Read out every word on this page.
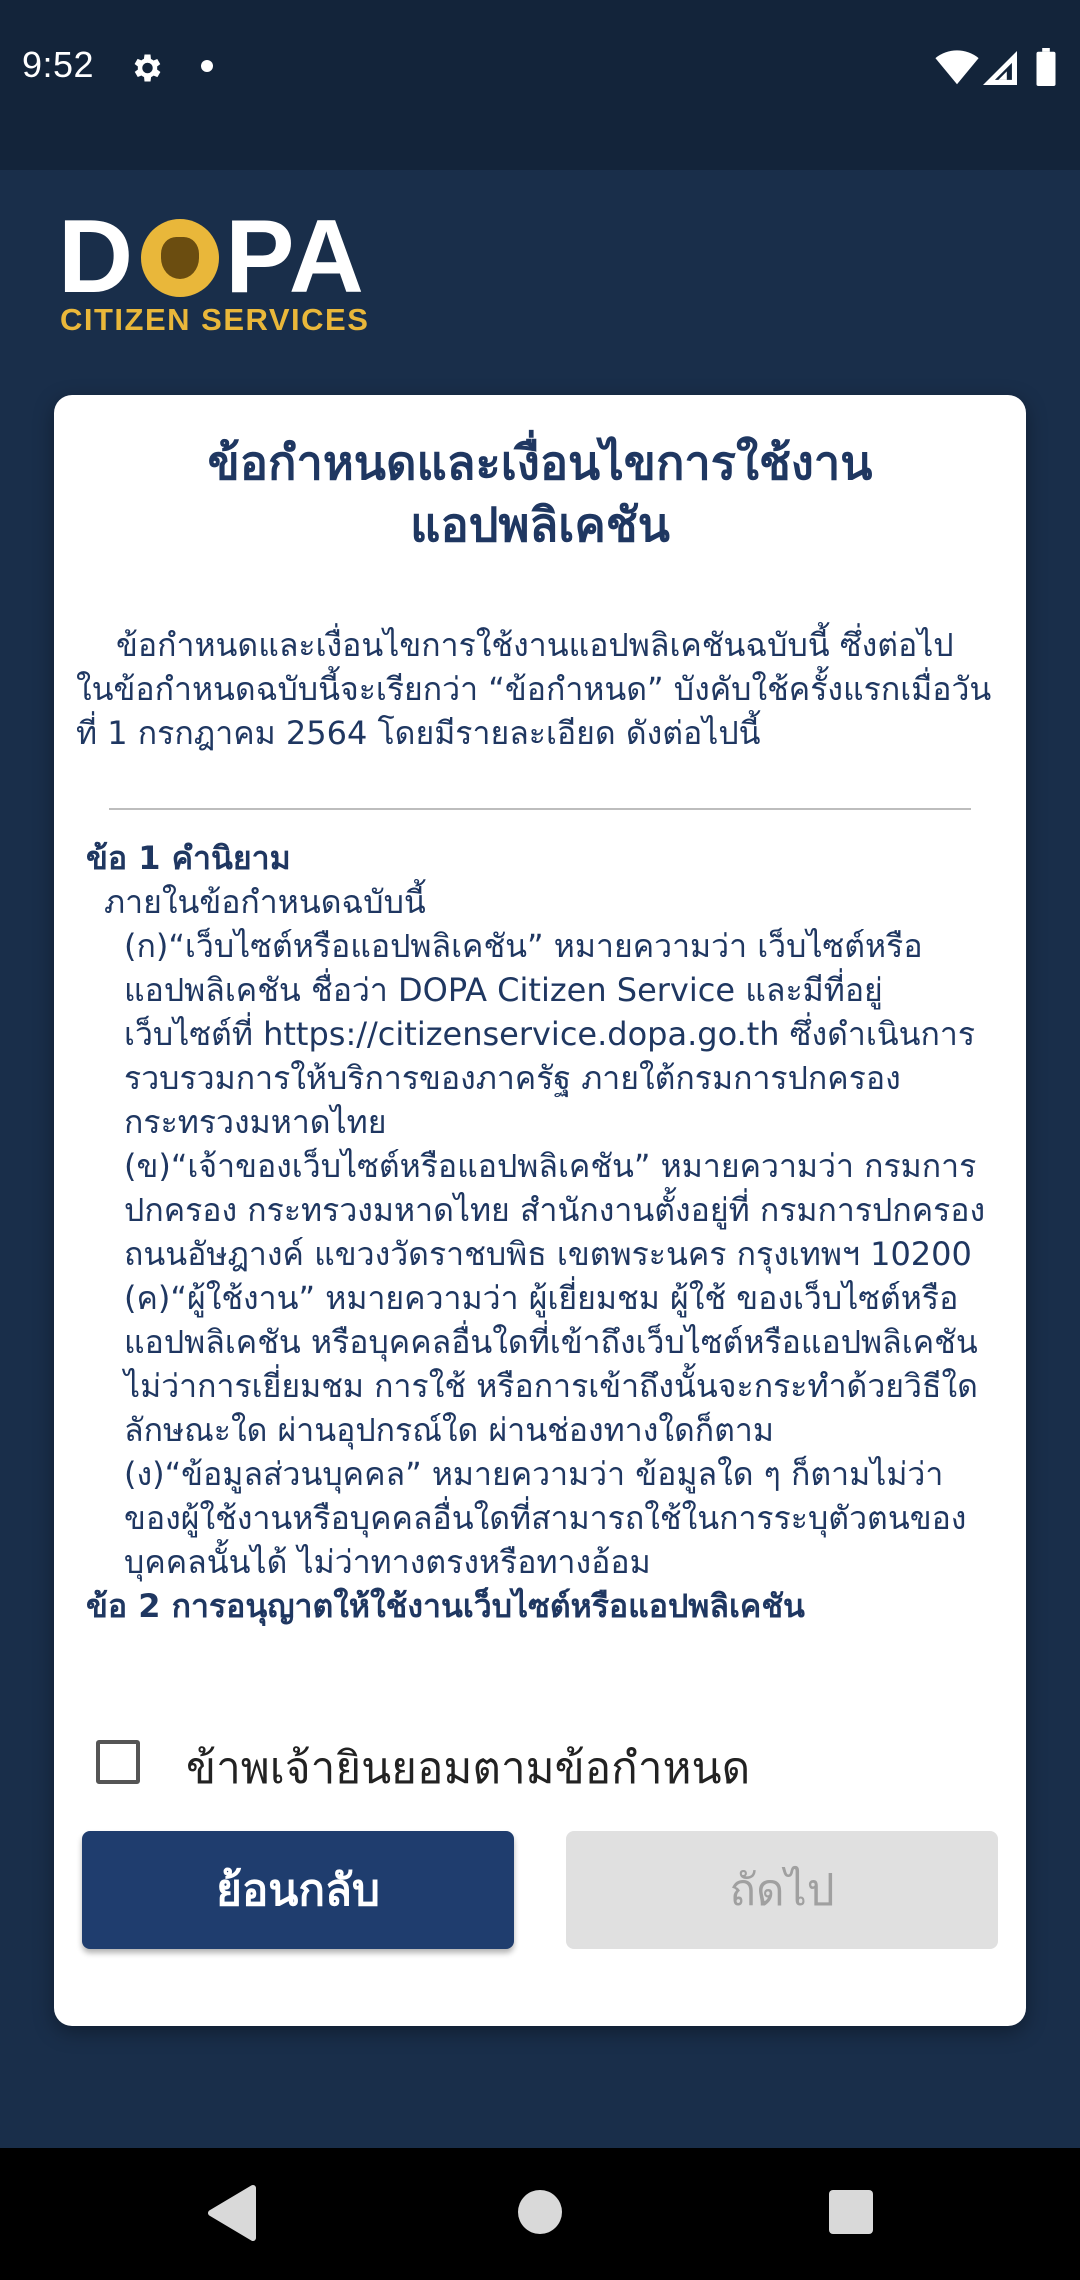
9:52
D PA
CITIZEN SERVICES
ข้อกำหนดและเงื่อนไขการใช้งาน
แอปพลิเคชัน
ข้อกำหนดและเงื่อนไขการใช้งานแอปพลิเคชันฉบับนี้ ซึ่งต่อไป ในข้อกำหนดฉบับนี้จะเรียกว่า “ข้อกำหนด” บังคับใช้ครั้งแรกเมื่อวันที่ 1 กรกฎาคม 2564 โดยมีรายละเอียด ดังต่อไปนี้
ข้อ 1 คำนิยาม
ภายในข้อกำหนดฉบับนี้
(ก)“เว็บไซต์หรือแอปพลิเคชัน” หมายความว่า เว็บไซต์หรือแอปพลิเคชัน ชื่อว่า DOPA Citizen Service และมีที่อยู่เว็บไซต์ที่ https://citizenservice.dopa.go.th ซึ่งดำเนินการรวบรวมการให้บริการของภาครัฐ ภายใต้กรมการปกครอง กระทรวงมหาดไทย
(ข)“เจ้าของเว็บไซต์หรือแอปพลิเคชัน” หมายความว่า กรมการปกครอง กระทรวงมหาดไทย สำนักงานตั้งอยู่ที่ กรมการปกครอง ถนนอัษฎางค์ แขวงวัดราชบพิธ เขตพระนคร กรุงเทพฯ 10200
(ค)“ผู้ใช้งาน” หมายความว่า ผู้เยี่ยมชม ผู้ใช้ ของเว็บไซต์หรือแอปพลิเคชัน หรือบุคคลอื่นใดที่เข้าถึงเว็บไซต์หรือแอปพลิเคชัน ไม่ว่าการเยี่ยมชม การใช้ หรือการเข้าถึงนั้นจะกระทำด้วยวิธีใด ลักษณะใด ผ่านอุปกรณ์ใด ผ่านช่องทางใดก็ตาม
(ง)“ข้อมูลส่วนบุคคล” หมายความว่า ข้อมูลใด ๆ ก็ตามไม่ว่าของผู้ใช้งานหรือบุคคลอื่นใดที่สามารถใช้ในการระบุตัวตนของบุคคลนั้นได้ ไม่ว่าทางตรงหรือทางอ้อม
ข้อ 2 การอนุญาตให้ใช้งานเว็บไซต์หรือแอปพลิเคชัน
ข้าพเจ้ายินยอมตามข้อกำหนด
ย้อนกลับ	ถัดไป
